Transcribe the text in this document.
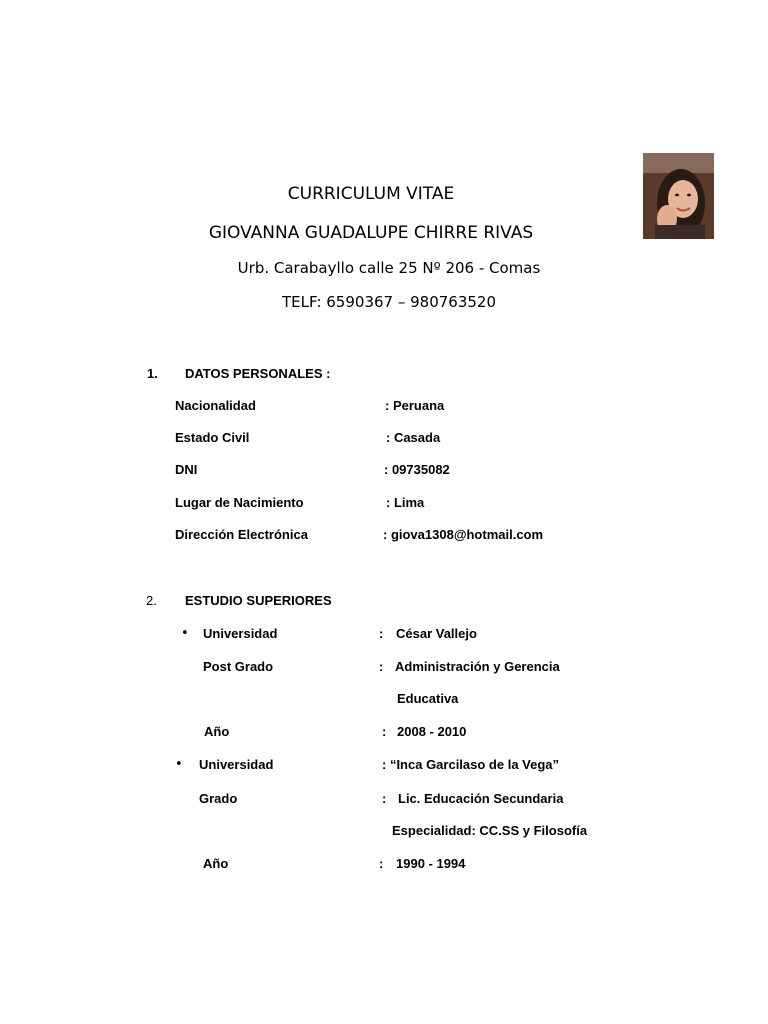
CURRICULUM VITAE
GIOVANNA GUADALUPE CHIRRE RIVAS
Urb. Carabayllo calle 25 Nº 206 - Comas
TELF: 6590367 – 980763520
1. DATOS PERSONALES :
Nacionalidad	: Peruana
Estado Civil	: Casada
DNI	: 09735082
Lugar de Nacimiento	: Lima
Dirección Electrónica	: giova1308@hotmail.com
2. ESTUDIO SUPERIORES
• Universidad	: César Vallejo
Post Grado	: Administración y Gerencia
Educativa
Año	: 2008 - 2010
• Universidad	: “Inca Garcilaso de la Vega”
Grado	: Lic. Educación Secundaria
Especialidad: CC.SS y Filosofía
Año	: 1990 - 1994
